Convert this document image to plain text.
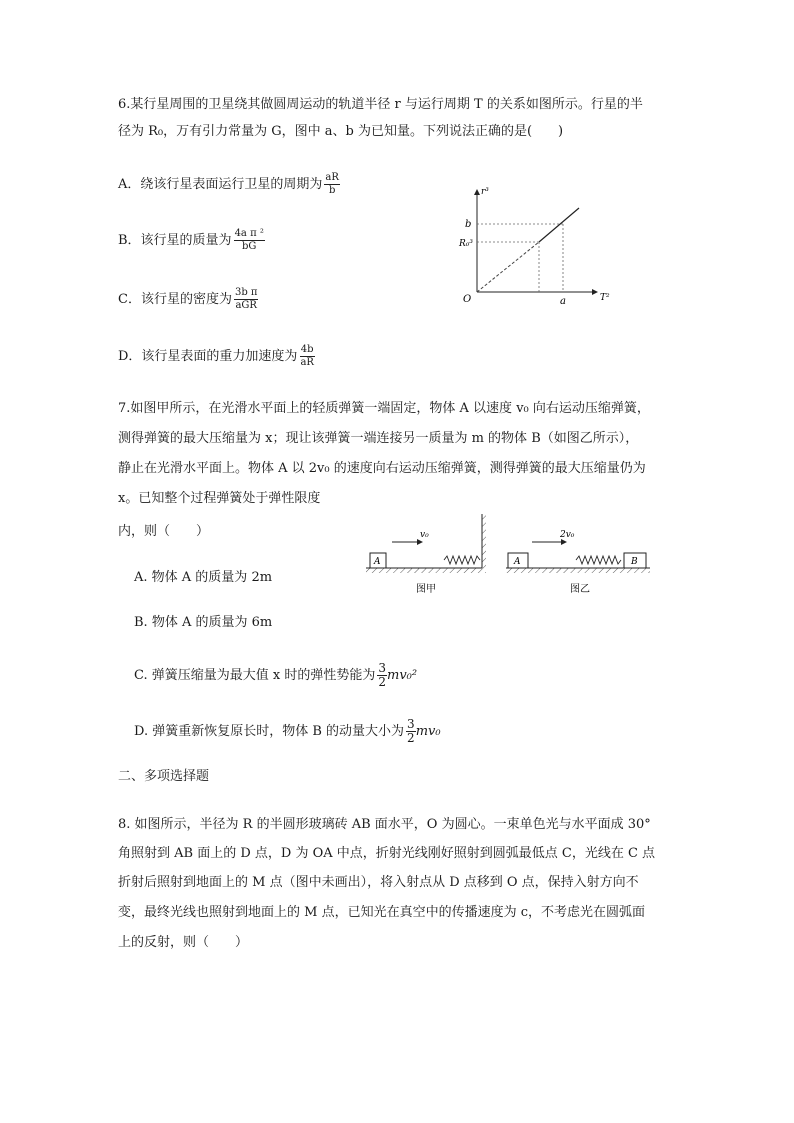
6.某行星周围的卫星绕其做圆周运动的轨道半径 r 与运行周期 T 的关系如图所示。行星的半
径为 R₀，万有引力常量为 G，图中 a、b 为已知量。下列说法正确的是(　　)
A．绕该行星表面运行卫星的周期为 $\frac{aR}{b}$
B．该行星的质量为 $\frac{\text{4a π ²}}{bG}$
C．该行星的密度为 $\frac{\text{3b π}}{\text{aGR}}$
D．该行星表面的重力加速度为 $\frac{4b}{aR}$
r³
T²
O
b
R₀³
a
7.如图甲所示，在光滑水平面上的轻质弹簧一端固定，物体 A 以速度 v₀ 向右运动压缩弹簧，
测得弹簧的最大压缩量为 x；现让该弹簧一端连接另一质量为 m 的物体 B（如图乙所示），
静止在光滑水平面上。物体 A 以 2v₀ 的速度向右运动压缩弹簧，测得弹簧的最大压缩量仍为
x。已知整个过程弹簧处于弹性限度
内，则（　　）
A
v₀
图甲
A	B
2v₀
图乙
A. 物体 A 的质量为 2m
B. 物体 A 的质量为 6m
C. 弹簧压缩量为最大值 x 时的弹性势能为 $\frac{3}{2} mv_0^2$
D. 弹簧重新恢复原长时，物体 B 的动量大小为 $\frac{3}{2} mv_0$
二、多项选择题
8. 如图所示，半径为 R 的半圆形玻璃砖 AB 面水平，O 为圆心。一束单色光与水平面成 30°
角照射到 AB 面上的 D 点，D 为 OA 中点，折射光线刚好照射到圆弧最低点 C，光线在 C 点
折射后照射到地面上的 M 点（图中未画出），将入射点从 D 点移到 O 点，保持入射方向不
变，最终光线也照射到地面上的 M 点，已知光在真空中的传播速度为 c，不考虑光在圆弧面
上的反射，则（　　）
